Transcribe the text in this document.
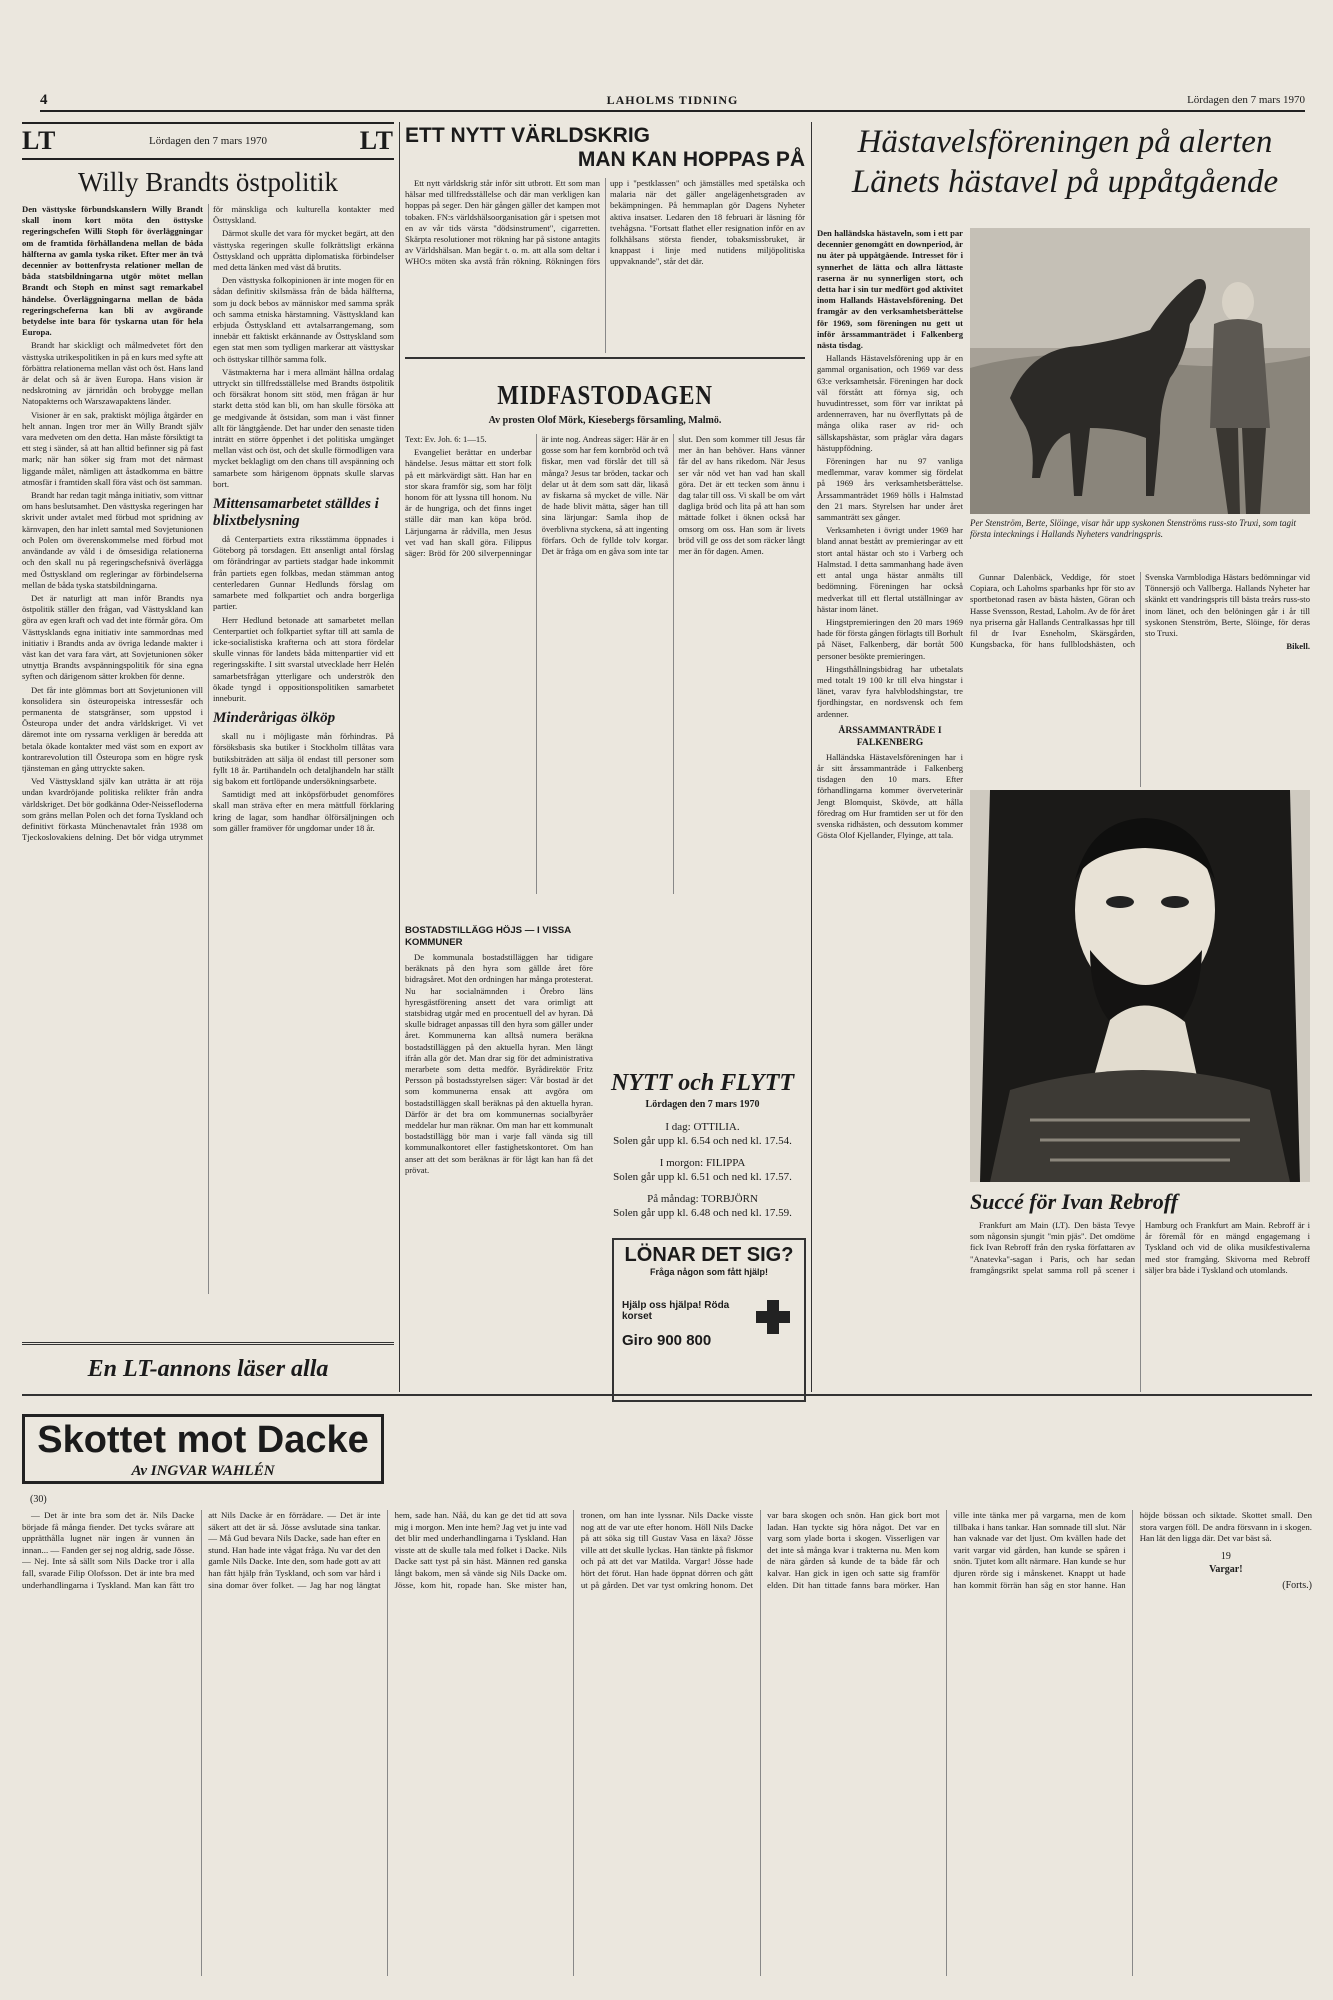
4	LAHOLMS TIDNING	Lördagen den 7 mars 1970
LT	Lördagen den 7 mars 1970	LT
Willy Brandts östpolitik

Den västtyske förbundskanslern Willy Brandt skall inom kort möta den östtyske regeringschefen Willi Stoph för överläggningar om de framtida förhållandena mellan de båda hälfterna av gamla tyska riket. Efter mer än två decennier av bottenfrysta relationer mellan de båda statsbildningarna utgör mötet mellan Brandt och Stoph en minst sagt remarkabel händelse. Överläggningarna mellan de båda regeringscheferna kan bli av avgörande betydelse inte bara för tyskarna utan för hela Europa.

Brandt har skickligt och målmedvetet fört den västtyska utrikespolitiken in på en kurs med syfte att förbättra relationerna mellan väst och öst. Hans land är delat och så är även Europa. Hans vision är nedskrotning av järnridån och brobygge mellan Natopakterns och Warszawapaktens länder.

Visioner är en sak, praktiskt möjliga åtgärder en helt annan. Ingen tror mer än Willy Brandt själv vara medveten om den detta. Han måste försiktigt ta ett steg i sänder, så att han alltid befinner sig på fast mark; när han söker sig fram mot det närmast liggande målet, nämligen att åstadkomma en bättre atmosfär i framtiden skall föra väst och öst samman.

Brandt har redan tagit många initiativ, som vittnar om hans beslutsamhet. Den västtyska regeringen har skrivit under avtalet med förbud mot spridning av kärnvapen, den har inlett samtal med Sovjetunionen och Polen om överenskommelse med förbud mot användande av våld i de ömsesidiga relationerna och den skall nu på regeringschefsnivå överlägga med Östtyskland om regleringar av förbindelserna mellan de båda tyska statsbildningarna.

Det är naturligt att man inför Brandts nya östpolitik ställer den frågan, vad Västtyskland kan göra av egen kraft och vad det inte förmår göra. Om Västtysklands egna initiativ inte sammordnas med initiativ i Brandts anda av övriga ledande makter i väst kan det vara fara värt, att Sovjetunionen söker utnyttja Brandts avspänningspolitik för sina egna syften och därigenom sätter krokben för denne.

Det får inte glömmas bort att Sovjetunionen vill konsolidera sin östeuropeiska intressesfär och permanenta de statsgränser, som uppstod i Östeuropa under det andra världskriget. Vi vet däremot inte om ryssarna verkligen är beredda att betala ökade kontakter med väst som en export av kontrarevolution till Östeuropa som en högre rysk tjänsteman en gång uttryckte saken.

Ved Västtyskland själv kan uträtta är att röja undan kvardröjande politiska relikter från andra världskriget. Det bör godkänna Oder-Neissefloderna som gräns mellan Polen och det forna Tyskland och definitivt förkasta Münchenavtalet från 1938 om Tjeckoslovakiens delning. Det bör vidga utrymmet för mänskliga och kulturella kontakter med Östtyskland.

Därmot skulle det vara för mycket begärt, att den västtyska regeringen skulle folkrättsligt erkänna Östtyskland och upprätta diplomatiska förbindelser med detta länken med väst då brutits.

Den västtyska folkopinionen är inte mogen för en sådan definitiv skilsmässa från de båda hälfterna, som ju dock bebos av människor med samma språk och samma etniska härstamning. Västtyskland kan erbjuda Östtyskland ett avtalsarrangemang, som innebär ett faktiskt erkännande av Östtyskland som egen stat men som tydligen markerar att västtyskar och östtyskar tillhör samma folk.

Västmakterna har i mera allmänt hållna ordalag uttryckt sin tillfredsställelse med Brandts östpolitik och försäkrat honom sitt stöd, men frågan är hur starkt detta stöd kan bli, om han skulle försöka att ge medgivande åt östsidan, som man i väst finner allt för långtgående. Det har under den senaste tiden inträtt en större öppenhet i det politiska umgänget mellan väst och öst, och det skulle förmodligen vara mycket beklagligt om den chans till avspänning och samarbete som härigenom öppnats skulle slarvas bort.

Mittensamarbetet ställdes i blixtbelysning

då Centerpartiets extra riksstämma öppnades i Göteborg på torsdagen. Ett ansenligt antal förslag om förändringar av partiets stadgar hade inkommit från partiets egen folkbas, medan stämman antog centerledaren Gunnar Hedlunds förslag om samarbete med folkpartiet och andra borgerliga partier.

Herr Hedlund betonade att samarbetet mellan Centerpartiet och folkpartiet syftar till att samla de icke-socialistiska krafterna och att stora fördelar skulle vinnas för landets båda mittenpartier vid ett regeringsskifte. I sitt svarstal utvecklade herr Helén samarbetsfrågan ytterligare och underströk den ökade tyngd i oppositionspolitiken samarbetet inneburit.

Minderårigas ölköp

skall nu i möjligaste mån förhindras. På försöksbasis ska butiker i Stockholm tillåtas vara butiksbiträden att sälja öl endast till personer som fyllt 18 år. Partihandeln och detaljhandeln har ställt sig bakom ett fortlöpande undersökningsarbete.

Samtidigt med att inköpsförbudet genomföres skall man sträva efter en mera mättfull förklaring kring de lagar, som handhar ölförsäljningen och som gäller framöver för ungdomar under 18 år.

En LT-annons läser alla
ETT NYTT VÄRLDSKRIG
MAN KAN HOPPAS PÅ

Ett nytt världskrig står inför sitt utbrott. Ett som man hälsar med tillfredsställelse och där man verkligen kan hoppas på seger. Den här gången gäller det kampen mot tobaken. FN:s världshälsoorganisation går i spetsen mot en av vår tids värsta "dödsinstrument", cigarretten. Skärpta resolutioner mot rökning har på sistone antagits av Världshälsan. Man begär t. o. m. att alla som deltar i WHO:s möten ska avstå från rökning. Rökningen förs upp i "pestklassen" och jämställes med spetälska och malaria när det gäller angelägenhetsgraden av bekämpningen. På hemmaplan gör Dagens Nyheter aktiva insatser. Ledaren den 18 februari är läsning för tvehågsna. "Fortsatt flathet eller resignation inför en av folkhälsans största fiender, tobaksmissbruket, är knappast i linje med nutidens miljöpolitiska uppvaknande", står det där.

MIDFASTODAGEN
Av prosten Olof Mörk, Kiesebergs församling, Malmö.

Text: Ev. Joh. 6: 1—15.

Evangeliet berättar en underbar händelse. Jesus mättar ett stort folk på ett märkvärdigt sätt. Han har en stor skara framför sig, som har följt honom för att lyssna till honom. Nu är de hungriga, och det finns inget ställe där man kan köpa bröd. Lärjungarna är rådvilla, men Jesus vet vad han skall göra. Filippus säger: Bröd för 200 silverpenningar är inte nog. Andreas säger: Här är en gosse som har fem kornbröd och två fiskar, men vad förslår det till så många? Jesus tar bröden, tackar och delar ut åt dem som satt där, likaså av fiskarna så mycket de ville. När de hade blivit mätta, säger han till sina lärjungar: Samla ihop de överblivna styckena, så att ingenting förfars. Och de fyllde tolv korgar. Det är fråga om en gåva som inte tar slut. Den som kommer till Jesus får mer än han behöver. Hans vänner får del av hans rikedom. När Jesus ser vår nöd vet han vad han skall göra. Det är ett tecken som ännu i dag talar till oss. Vi skall be om vårt dagliga bröd och lita på att han som mättade folket i öknen också har omsorg om oss. Han som är livets bröd vill ge oss det som räcker långt mer än för dagen. Amen.

BOSTADSTILLÄGG HÖJS — I VISSA KOMMUNER

De kommunala bostadstilläggen har tidigare beräknats på den hyra som gällde året före bidragsåret. Mot den ordningen har många protesterat. Nu har socialnämnden i Örebro läns hyresgästförening ansett det vara orimligt att statsbidrag utgår med en procentuell del av hyran. Då skulle bidraget anpassas till den hyra som gäller under året. Kommunerna kan alltså numera beräkna bostadstilläggen på den aktuella hyran. Men längt ifrån alla gör det. Man drar sig för det administrativa merarbete som detta medför. Byrådirektör Fritz Persson på bostadsstyrelsen säger: Vår bostad är det som kommunerna ensak att avgöra om bostadstilläggen skall beräknas på den aktuella hyran. Därför är det bra om kommunernas socialbyråer meddelar hur man räknar. Om man har ett kommunalt bostadstillägg bör man i varje fall vända sig till kommunalkontoret eller fastighetskontoret. Om han anser att det som beräknas är för lågt kan han få det prövat.

NYTT och FLYTT
Lördagen den 7 mars 1970
I dag: OTTILIA.
Solen går upp kl. 6.54 och ned kl. 17.54.
I morgon: FILIPPA
Solen går upp kl. 6.51 och ned kl. 17.57.
På måndag: TORBJÖRN
Solen går upp kl. 6.48 och ned kl. 17.59.
LÖNAR DET SIG?
Fråga någon som fått hjälp!
Hjälp oss hjälpa! Röda korset
Giro 900 800
Hästavelsföreningen på alerten
Länets hästavel på uppåtgående

Den halländska hästaveln, som i ett par decennier genomgått en downperiod, är nu åter på uppåtgående. Intresset för i synnerhet de lätta och allra lättaste raserna är nu synnerligen stort, och detta har i sin tur medfört god aktivitet inom Hallands Hästavelsförening. Det framgår av den verksamhetsberättelse för 1969, som föreningen nu gett ut inför årssammanträdet i Falkenberg nästa tisdag.

Hallands Hästavelsförening upp är en gammal organisation, och 1969 var dess 63:e verksamhetsår. Föreningen har dock väl förstått att förnya sig, och huvudintresset, som förr var inriktat på ardennerraven, har nu överflyttats på de många olika raser av rid- och sällskapshästar, som präglar våra dagars hästuppfödning.

Föreningen har nu 97 vanliga medlemmar, varav kommer sig fördelat på 1969 års verksamhetsberättelse. Årssammanträdet 1969 hölls i Halmstad den 21 mars. Styrelsen har under året sammanträtt sex gånger.

Verksamheten i övrigt under 1969 har bland annat bestått av premieringar av ett stort antal hästar och sto i Varberg och Halmstad. I detta sammanhang hade även ett antal unga hästar anmälts till bedömning. Föreningen har också medverkat till ett flertal utställningar av hästar inom länet.

Hingstpremieringen den 20 mars 1969 hade för första gången förlagts till Borhult på Näset, Falkenberg, där bortåt 500 personer besökte premieringen.

Hingsthållningsbidrag har utbetalats med totalt 19 100 kr till elva hingstar i länet, varav fyra halvblodshingstar, tre fjordhingstar, en nordsvensk och fem ardenner.

ÅRSSAMMANTRÄDE I FALKENBERG

Halländska Hästavelsföreningen har i år sitt årssammanträde i Falkenberg tisdagen den 10 mars. Efter förhandlingarna kommer överveterinär Jengt Blomquist, Skövde, att hålla föredrag om Hur framtiden ser ut för den svenska ridhästen, och dessutom kommer Gösta Olof Kjellander, Flyinge, att tala.

Per Stenström, Berte, Slöinge, visar här upp syskonen Stenströms russ-sto Truxi, som tagit första intecknings i Hallands Nyheters vandringspris.

Gunnar Dalenbäck, Veddige, för stoet Copiara, och Laholms sparbanks hpr för sto av sportbetonad rasen av bästa hästen, Göran och Hasse Svensson, Restad, Laholm. Av de för året nya priserna går Hallands Centralkassas hpr till fil dr Ivar Esneholm, Skärsgården, Kungsbacka, för hans fullblodshästen, och Svenska Varmblodiga Hästars bedömningar vid Tönnersjö och Vallberga. Hallands Nyheter har skänkt ett vandringspris till bästa treårs russ-sto inom länet, och den belöningen går i år till syskonen Stenström, Berte, Slöinge, för deras sto Truxi.

Bikell.

Succé för Ivan Rebroff

Frankfurt am Main (LT). Den bästa Tevye som någonsin sjungit "min pjäs". Det omdöme fick Ivan Rebroff från den ryska författaren av "Anatevka"-sagan i Paris, och har sedan framgångsrikt spelat samma roll på scener i Hamburg och Frankfurt am Main. Rebroff är i år föremål för en mängd engagemang i Tyskland och vid de olika musikfestivalerna med stor framgång. Skivorna med Rebroff säljer bra både i Tyskland och utomlands.

Skottet mot Dacke
Av INGVAR WAHLÉN
(30)

— Det är inte bra som det är. Nils Dacke började få många fiender. Det tycks svårare att upprätthålla lugnet när ingen är vunnen än innan... — Fanden ger sej nog aldrig, sade Jösse. — Nej. Inte så sällt som Nils Dacke tror i alla fall, svarade Filip Olofsson. Det är inte bra med underhandlingarna i Tyskland. Man kan fått tro att Nils Dacke är en förrädare. — Det är inte säkert att det är så. Jösse avslutade sina tankar. — Må Gud bevara Nils Dacke, sade han efter en stund. Han hade inte vågat fråga. Nu var det den gamle Nils Dacke. Inte den, som hade gott av att han fått hjälp från Tyskland, och som var hård i sina domar över folket. — Jag har nog längtat hem, sade han. Nåå, du kan ge det tid att sova mig i morgon. Men inte hem? Jag vet ju inte vad det blir med underhandlingarna i Tyskland. Han visste att de skulle tala med folket i Dacke. Nils Dacke satt tyst på sin häst. Männen red ganska långt bakom, men så vände sig Nils Dacke om. Jösse, kom hit, ropade han. Ske mister han, tronen, om han inte lyssnar. Nils Dacke visste nog att de var ute efter honom. Höll Nils Dacke på att söka sig till Gustav Vasa en läxa? Jösse ville att det skulle lyckas. Han tänkte på fiskmor och på att det var Matilda. Vargar! Jösse hade hört det förut. Han hade öppnat dörren och gått ut på gården. Det var tyst omkring honom. Det var bara skogen och snön. Han gick bort mot ladan. Han tyckte sig höra något. Det var en varg som ylade borta i skogen. Visserligen var det inte så många kvar i trakterna nu. Men kom de nära gården så kunde de ta både får och kalvar. Han gick in igen och satte sig framför elden. Dit han tittade fanns bara mörker. Han ville inte tänka mer på vargarna, men de kom tillbaka i hans tankar. Han somnade till slut. När han vaknade var det ljust. Om kvällen hade det varit vargar vid gården, han kunde se spåren i snön. Tjutet kom allt närmare. Han kunde se hur djuren rörde sig i månskenet. Knappt ut hade han kommit förrän han såg en stor hanne. Han höjde bössan och siktade. Skottet small. Den stora vargen föll. De andra försvann in i skogen. Han lät den ligga där. Det var bäst så.

19
Vargar!
(Forts.)
